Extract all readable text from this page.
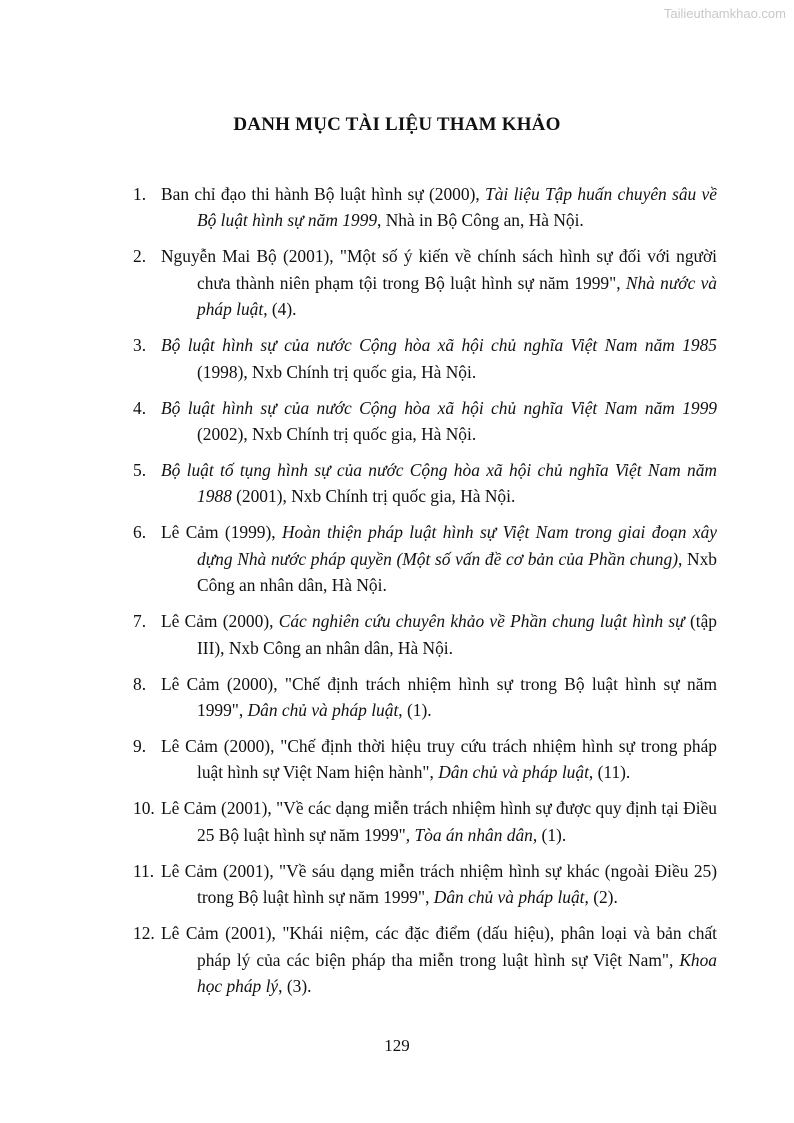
Tailieuthamkhao.com
DANH MỤC TÀI LIỆU THAM KHẢO
1. Ban chỉ đạo thi hành Bộ luật hình sự (2000), Tài liệu Tập huấn chuyên sâu về Bộ luật hình sự năm 1999, Nhà in Bộ Công an, Hà Nội.
2. Nguyễn Mai Bộ (2001), "Một số ý kiến về chính sách hình sự đối với người chưa thành niên phạm tội trong Bộ luật hình sự năm 1999", Nhà nước và pháp luật, (4).
3. Bộ luật hình sự của nước Cộng hòa xã hội chủ nghĩa Việt Nam năm 1985 (1998), Nxb Chính trị quốc gia, Hà Nội.
4. Bộ luật hình sự của nước Cộng hòa xã hội chủ nghĩa Việt Nam năm 1999 (2002), Nxb Chính trị quốc gia, Hà Nội.
5. Bộ luật tố tụng hình sự của nước Cộng hòa xã hội chủ nghĩa Việt Nam năm 1988 (2001), Nxb Chính trị quốc gia, Hà Nội.
6. Lê Cảm (1999), Hoàn thiện pháp luật hình sự Việt Nam trong giai đoạn xây dựng Nhà nước pháp quyền (Một số vấn đề cơ bản của Phần chung), Nxb Công an nhân dân, Hà Nội.
7. Lê Cảm (2000), Các nghiên cứu chuyên khảo về Phần chung luật hình sự (tập III), Nxb Công an nhân dân, Hà Nội.
8. Lê Cảm (2000), "Chế định trách nhiệm hình sự trong Bộ luật hình sự năm 1999", Dân chủ và pháp luật, (1).
9. Lê Cảm (2000), "Chế định thời hiệu truy cứu trách nhiệm hình sự trong pháp luật hình sự Việt Nam hiện hành", Dân chủ và pháp luật, (11).
10. Lê Cảm (2001), "Về các dạng miễn trách nhiệm hình sự được quy định tại Điều 25 Bộ luật hình sự năm 1999", Tòa án nhân dân, (1).
11. Lê Cảm (2001), "Về sáu dạng miễn trách nhiệm hình sự khác (ngoài Điều 25) trong Bộ luật hình sự năm 1999", Dân chủ và pháp luật, (2).
12. Lê Cảm (2001), "Khái niệm, các đặc điểm (dấu hiệu), phân loại và bản chất pháp lý của các biện pháp tha miễn trong luật hình sự Việt Nam", Khoa học pháp lý, (3).
129
